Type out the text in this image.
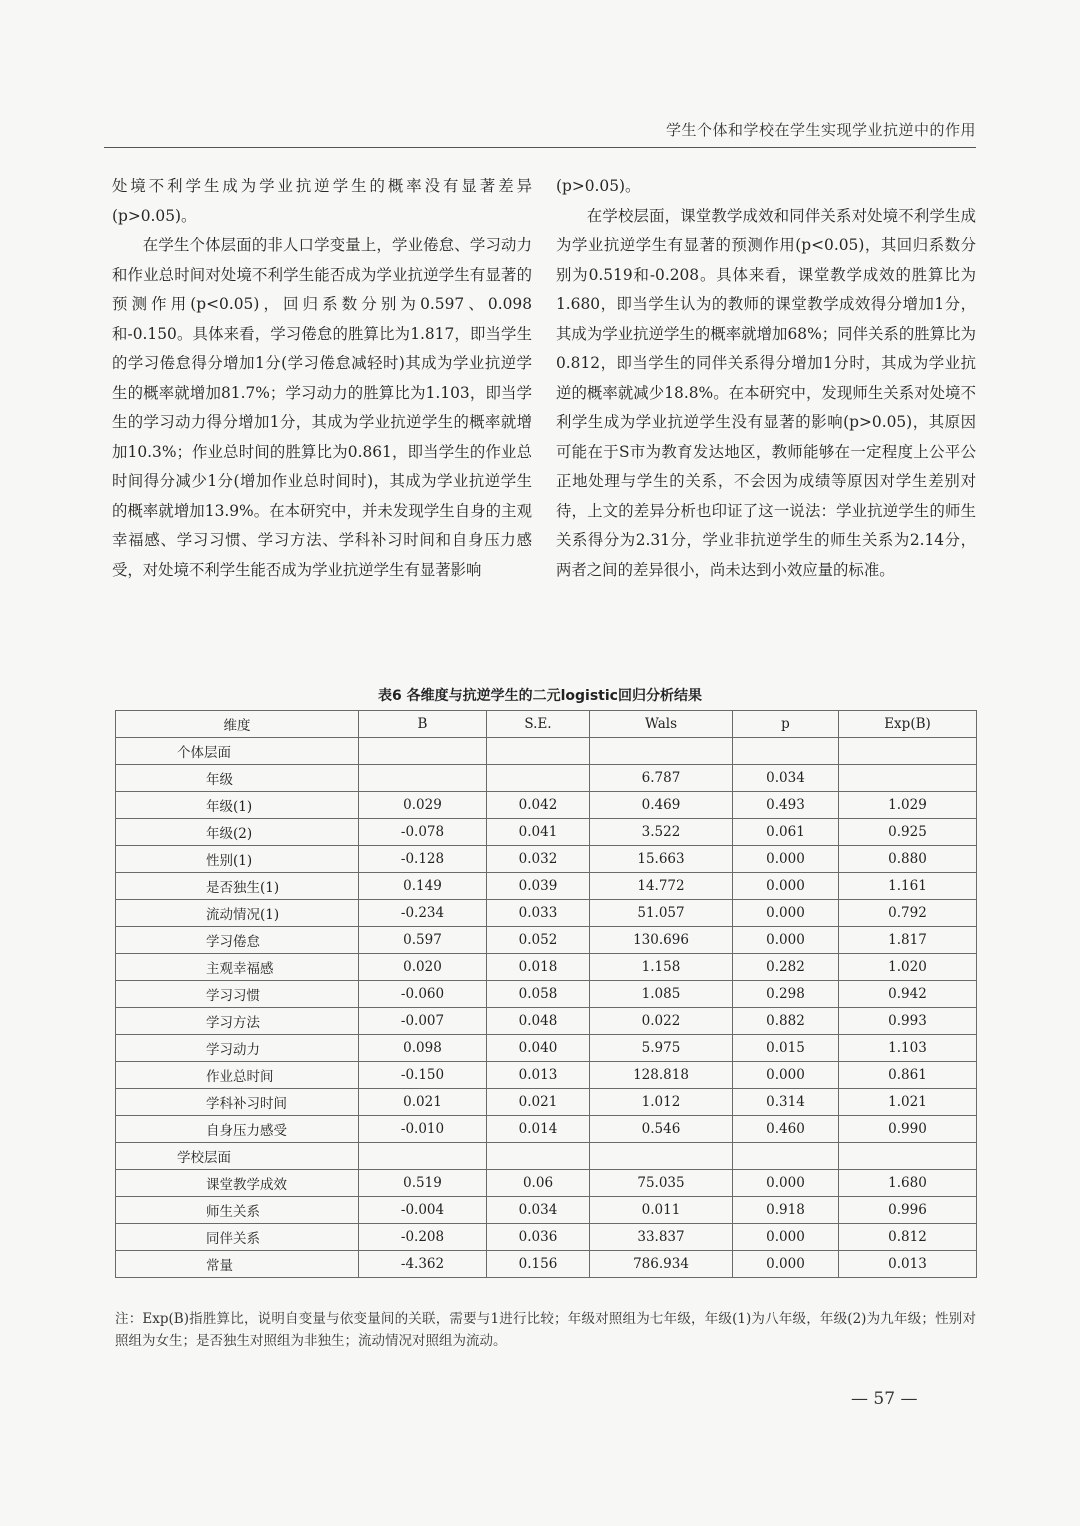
学生个体和学校在学生实现学业抗逆中的作用

处境不利学生成为学业抗逆学生的概率没有显著差异(p>0.05)。

在学生个体层面的非人口学变量上，学业倦怠、学习动力和作业总时间对处境不利学生能否成为学业抗逆学生有显著的预测作用(p<0.05)，回归系数分别为0.597、0.098和-0.150。具体来看，学习倦怠的胜算比为1.817，即当学生的学习倦怠得分增加1分(学习倦怠减轻时)其成为学业抗逆学生的概率就增加81.7%；学习动力的胜算比为1.103，即当学生的学习动力得分增加1分，其成为学业抗逆学生的概率就增加10.3%；作业总时间的胜算比为0.861，即当学生的作业总时间得分减少1分(增加作业总时间时)，其成为学业抗逆学生的概率就增加13.9%。在本研究中，并未发现学生自身的主观幸福感、学习习惯、学习方法、学科补习时间和自身压力感受，对处境不利学生能否成为学业抗逆学生有显著影响

(p>0.05)。

在学校层面，课堂教学成效和同伴关系对处境不利学生成为学业抗逆学生有显著的预测作用(p<0.05)，其回归系数分别为0.519和-0.208。具体来看，课堂教学成效的胜算比为1.680，即当学生认为的教师的课堂教学成效得分增加1分，其成为学业抗逆学生的概率就增加68%；同伴关系的胜算比为0.812，即当学生的同伴关系得分增加1分时，其成为学业抗逆的概率就减少18.8%。在本研究中，发现师生关系对处境不利学生成为学业抗逆学生没有显著的影响(p>0.05)，其原因可能在于S市为教育发达地区，教师能够在一定程度上公平公正地处理与学生的关系，不会因为成绩等原因对学生差别对待，上文的差异分析也印证了这一说法：学业抗逆学生的师生关系得分为2.31分，学业非抗逆学生的师生关系为2.14分，两者之间的差异很小，尚未达到小效应量的标准。

表6 各维度与抗逆学生的二元logistic回归分析结果
维度	B	S.E.	Wals	p	Exp(B)
个体层面					
年级			6.787	0.034	
年级(1)	0.029	0.042	0.469	0.493	1.029
年级(2)	-0.078	0.041	3.522	0.061	0.925
性别(1)	-0.128	0.032	15.663	0.000	0.880
是否独生(1)	0.149	0.039	14.772	0.000	1.161
流动情况(1)	-0.234	0.033	51.057	0.000	0.792
学习倦怠	0.597	0.052	130.696	0.000	1.817
主观幸福感	0.020	0.018	1.158	0.282	1.020
学习习惯	-0.060	0.058	1.085	0.298	0.942
学习方法	-0.007	0.048	0.022	0.882	0.993
学习动力	0.098	0.040	5.975	0.015	1.103
作业总时间	-0.150	0.013	128.818	0.000	0.861
学科补习时间	0.021	0.021	1.012	0.314	1.021
自身压力感受	-0.010	0.014	0.546	0.460	0.990
学校层面					
课堂教学成效	0.519	0.06	75.035	0.000	1.680
师生关系	-0.004	0.034	0.011	0.918	0.996
同伴关系	-0.208	0.036	33.837	0.000	0.812
常量	-4.362	0.156	786.934	0.000	0.013
注：Exp(B)指胜算比，说明自变量与依变量间的关联，需要与1进行比较；年级对照组为七年级，年级(1)为八年级，年级(2)为九年级；性别对照组为女生；是否独生对照组为非独生；流动情况对照组为流动。
— 57 —
